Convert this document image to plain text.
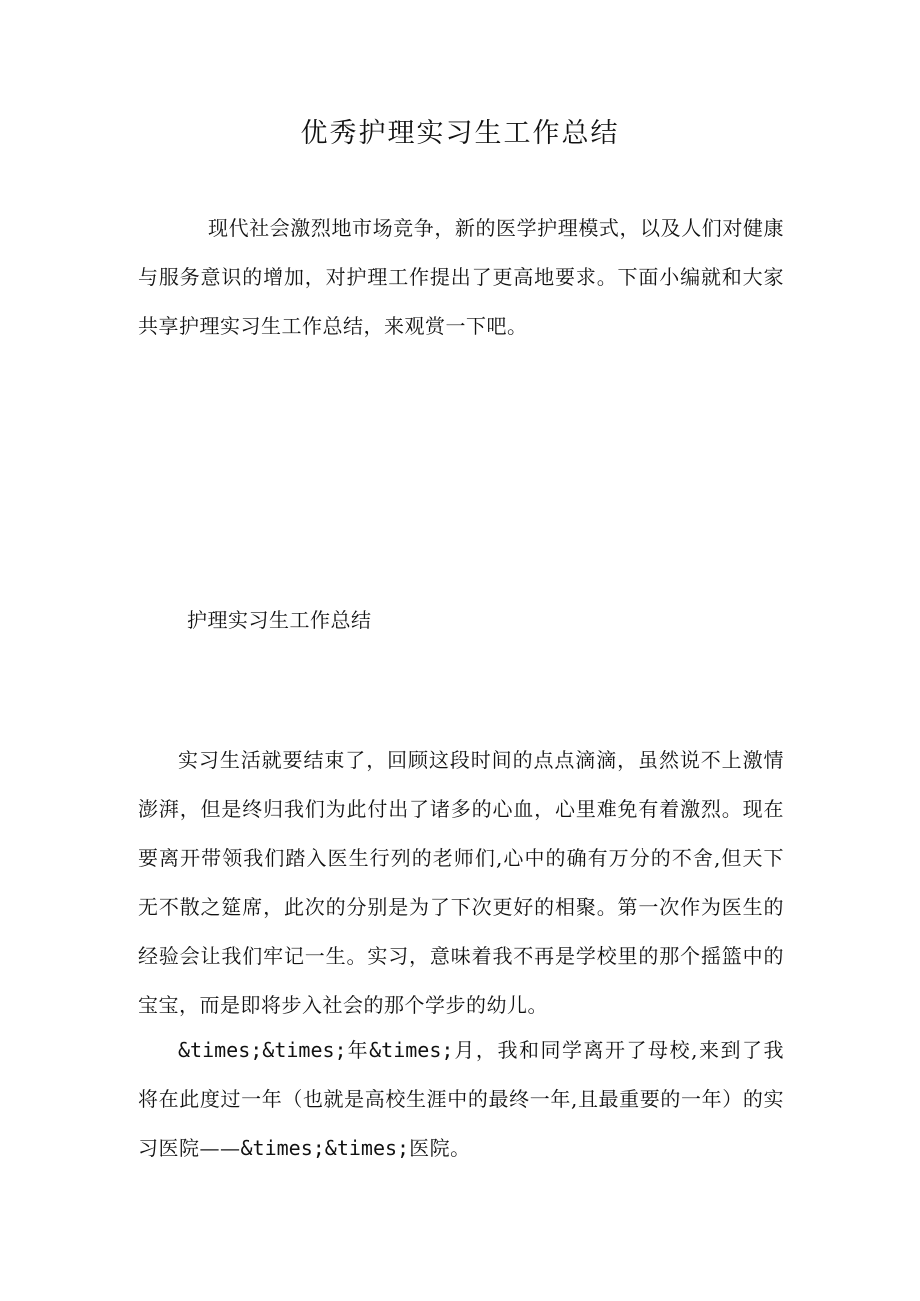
优秀护理实习生工作总结

现代社会激烈地市场竞争，新的医学护理模式，以及人们对健康与服务意识的增加，对护理工作提出了更高地要求。下面小编就和大家共享护理实习生工作总结，来观赏一下吧。

护理实习生工作总结

实习生活就要结束了，回顾这段时间的点点滴滴，虽然说不上激情澎湃，但是终归我们为此付出了诸多的心血，心里难免有着激烈。现在要离开带领我们踏入医生行列的老师们,心中的确有万分的不舍,但天下无不散之筵席，此次的分别是为了下次更好的相聚。第一次作为医生的经验会让我们牢记一生。实习，意味着我不再是学校里的那个摇篮中的宝宝，而是即将步入社会的那个学步的幼儿。

&times;&times;年&times;月，我和同学离开了母校,来到了我将在此度过一年（也就是高校生涯中的最终一年,且最重要的一年）的实习医院——&times;&times;医院。
